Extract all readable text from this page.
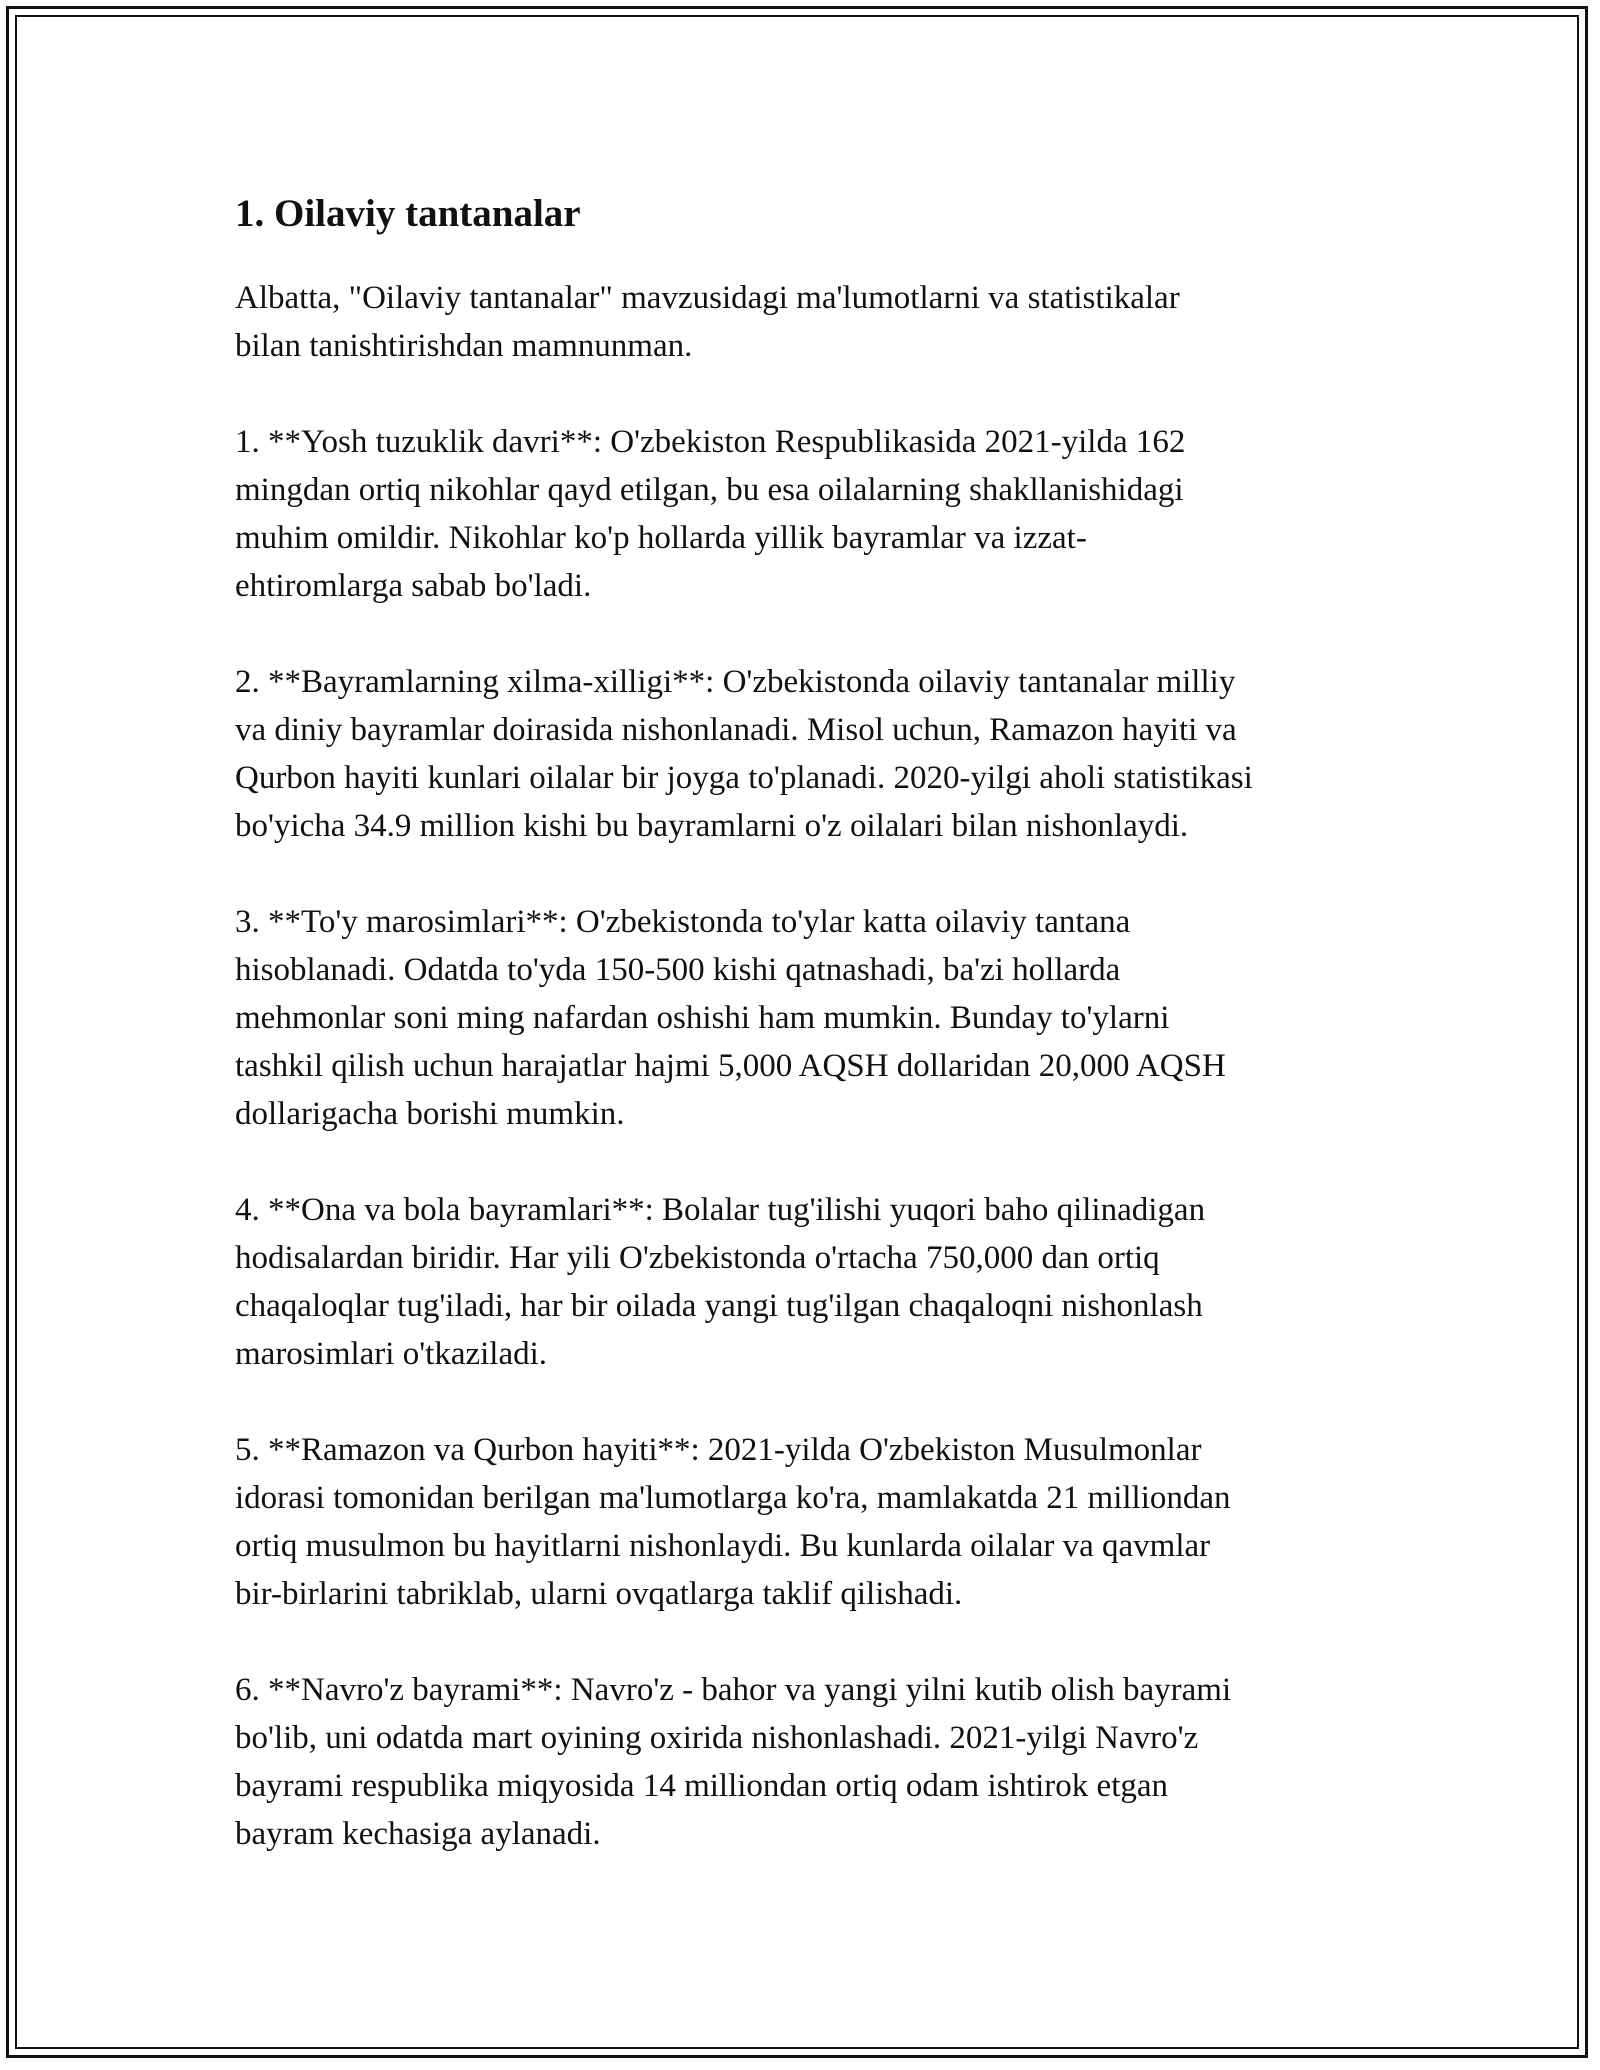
1. Oilaviy tantanalar

Albatta, "Oilaviy tantanalar" mavzusidagi ma'lumotlarni va statistikalar
bilan tanishtirishdan mamnunman.

1. **Yosh tuzuklik davri**: O'zbekiston Respublikasida 2021-yilda 162
mingdan ortiq nikohlar qayd etilgan, bu esa oilalarning shakllanishidagi
muhim omildir. Nikohlar ko'p hollarda yillik bayramlar va izzat-
ehtiromlarga sabab bo'ladi.

2. **Bayramlarning xilma-xilligi**: O'zbekistonda oilaviy tantanalar milliy
va diniy bayramlar doirasida nishonlanadi. Misol uchun, Ramazon hayiti va
Qurbon hayiti kunlari oilalar bir joyga to'planadi. 2020-yilgi aholi statistikasi
bo'yicha 34.9 million kishi bu bayramlarni o'z oilalari bilan nishonlaydi.

3. **To'y marosimlari**: O'zbekistonda to'ylar katta oilaviy tantana
hisoblanadi. Odatda to'yda 150-500 kishi qatnashadi, ba'zi hollarda
mehmonlar soni ming nafardan oshishi ham mumkin. Bunday to'ylarni
tashkil qilish uchun harajatlar hajmi 5,000 AQSH dollaridan 20,000 AQSH
dollarigacha borishi mumkin.

4. **Ona va bola bayramlari**: Bolalar tug'ilishi yuqori baho qilinadigan
hodisalardan biridir. Har yili O'zbekistonda o'rtacha 750,000 dan ortiq
chaqaloqlar tug'iladi, har bir oilada yangi tug'ilgan chaqaloqni nishonlash
marosimlari o'tkaziladi.

5. **Ramazon va Qurbon hayiti**: 2021-yilda O'zbekiston Musulmonlar
idorasi tomonidan berilgan ma'lumotlarga ko'ra, mamlakatda 21 milliondan
ortiq musulmon bu hayitlarni nishonlaydi. Bu kunlarda oilalar va qavmlar
bir-birlarini tabriklab, ularni ovqatlarga taklif qilishadi.

6. **Navro'z bayrami**: Navro'z - bahor va yangi yilni kutib olish bayrami
bo'lib, uni odatda mart oyining oxirida nishonlashadi. 2021-yilgi Navro'z
bayrami respublika miqyosida 14 milliondan ortiq odam ishtirok etgan
bayram kechasiga aylanadi.
